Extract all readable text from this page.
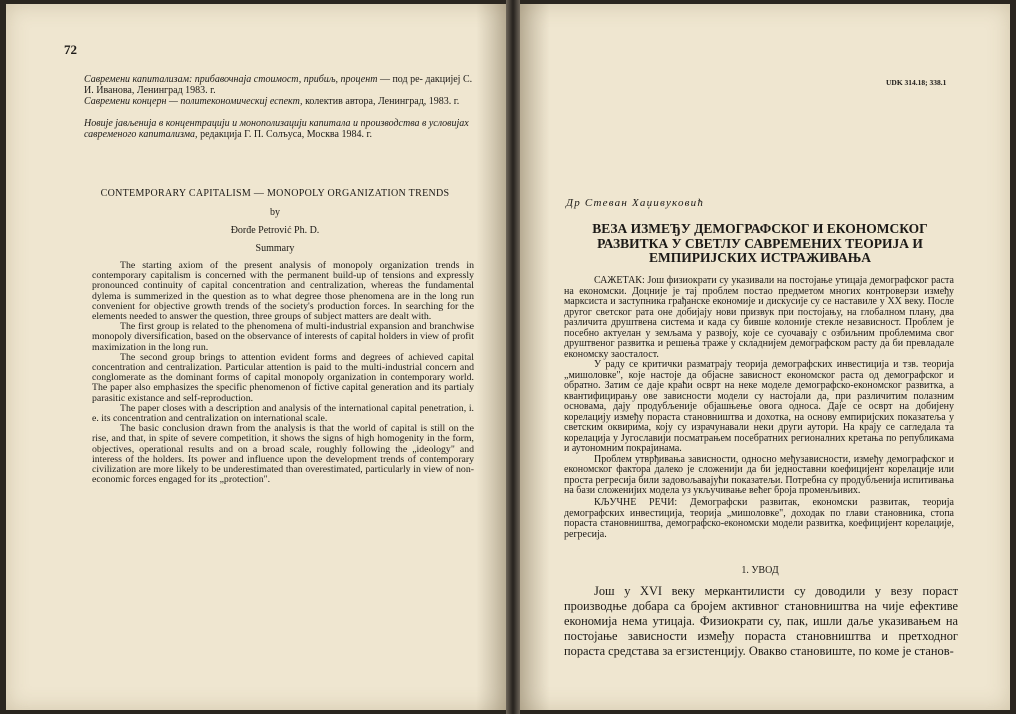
72
Савремени капитализам: прибавочнаја стоимост, прибиљ, процент — под ре- дакцијеј С. И. Иванова, Ленинград 1983. г.
Савремени концерн — политекономическиј еспект, колектив автора, Ленинград, 1983. г.
Новије јављенија в концентрацији и монополизацији капитала и производства в условијах савременого капитализма, редакција Г. П. Солъуса, Москва 1984. г.
CONTEMPORARY CAPITALISM — MONOPOLY ORGANIZATION TRENDS
by
Đorđe Petrović Ph. D.
Summary

The starting axiom of the present analysis of monopoly organization trends in contemporary capitalism is concerned with the permanent build-up of tensions and expressly pronounced continuity of capital concentration and centralization, whereas the fundamental dylema is summerized in the question as to what degree those phenomena are in the long run convenient for objective growth trends of the society's production forces. In searching for the elements needed to answer the question, three groups of subject matters are dealt with.

The first group is related to the phenomena of multi-industrial expansion and branchwise monopoly diversification, based on the observance of interests of capital holders in view of profit maximization in the long run.

The second group brings to attention evident forms and degrees of achieved capital concentration and centralization. Particular attention is paid to the multi-industrial concern and conglomerate as the dominant forms of capital monopoly organization in contemporary world. The paper also emphasizes the specific phenomenon of fictive capital generation and its partialy parasitic existance and self-reproduction.

The paper closes with a description and analysis of the international capital penetration, i. e. its concentration and centralization on international scale.

The basic conclusion drawn from the analysis is that the world of capital is still on the rise, and that, in spite of severe competition, it shows the signs of high homogenity in the form, objectives, operational results and on a broad scale, roughly following the „ideology" and interess of the holders. Its power and influence upon the development trends of contemporary civilization are more likely to be underestimated than overestimated, particularly in view of non-economic forces engaged for its „protection".

UDK 314.18; 338.1
Др Стеван Хаџивуковић
ВЕЗА ИЗМЕЂУ ДЕМОГРАФСКОГ И ЕКОНОМСКОГ РАЗВИТКА У СВЕТЛУ САВРЕМЕНИХ ТЕОРИЈА И ЕМПИРИЈСКИХ ИСТРАЖИВАЊА

САЖЕТАК: Још физиократи су указивали на постојање утицаја демографског раста на економски. Доцније је тај проблем постао предметом многих контроверзи између марксиста и заступника грађанске економије и дискусије су се наставиле у XX веку. После другог светског рата оне добијају нови призвук при постојању, на глобалном плану, два различита друштвена система и када су бивше колоније стекле независност. Проблем је посебно актуелан у земљама у развоју, које се суочавају с озбиљним проблемима свог друштвеног развитка и решења траже у складнијем демографском расту да би превладале економску заосталост.

У раду се критички разматрају теорија демографских инвестиција и тзв. теорија „мишоловке", које настоје да објасне зависност економског раста од демографског и обратно. Затим се даје краћи осврт на неке моделе демографско-економског развитка, а квантифицирању ове зависности модели су настојали да, при различитим полазним основама, дају продубљеније објашњење овога односа. Даје се осврт на добијену корелацију између пораста становништва и дохотка, на основу емпиријских показатеља у светским оквирима, коју су израчунавали неки други аутори. На крају се сагледала та корелација у Југославији посматрањем посебратних регионалних кретања по републикама и аутономним покрајинама.

Проблем утврђивања зависности, односно међузависности, између демографског и економског фактора далеко је сложенији да би једноставни коефицијент корелације или проста регресија били задовољавајући показатељи. Потребна су продубљенија испитивања на бази сложенијих модела уз укључивање већег броја променљивих.

КЉУЧНЕ РЕЧИ: Демографски развитак, економски развитак, теорија демографских инвестиција, теорија „мишоловке", доходак по глави становника, стопа пораста становништва, демографско-економски модели развитка, коефицијент корелације, регресија.

1. УВОД

Још у XVI веку меркантилисти су доводили у везу пораст производње добара са бројем активног становништва на чије ефективе економија нема утицаја. Физиократи су, пак, ишли даље указивањем на постојање зависности између пораста становништва и претходног пораста средстава за егзистенцију. Овакво становиште, по коме је станов-
